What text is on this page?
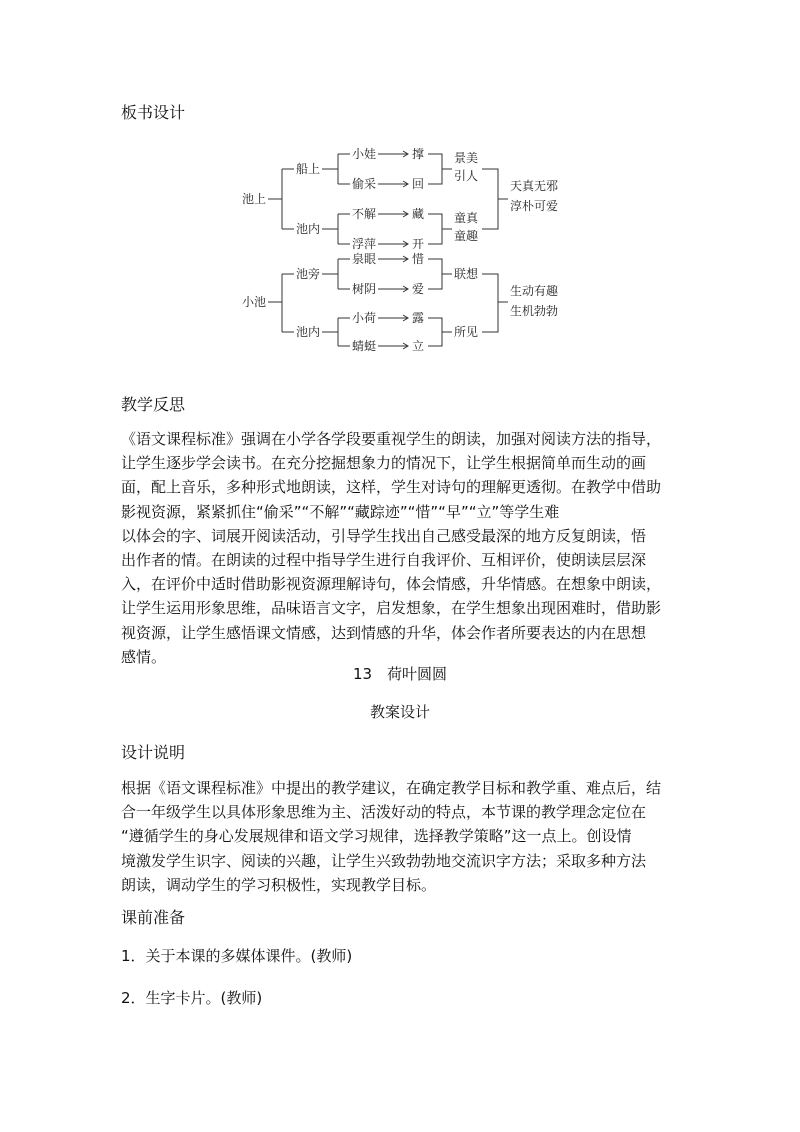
板书设计
池上
船上
池内
小池
池旁
池内
小娃	撑
偷采	回
不解	藏
浮萍	开
泉眼	惜
树阴	爱
小荷	露
蜻蜓	立
景美
引人
童真
童趣
联想
所见
天真无邪
淳朴可爱
生动有趣
生机勃勃
教学反思
《语文课程标准》强调在小学各学段要重视学生的朗读，加强对阅读方法的指导，
让学生逐步学会读书。在充分挖掘想象力的情况下，让学生根据简单而生动的画
面，配上音乐，多种形式地朗读，这样，学生对诗句的理解更透彻。在教学中借助
影视资源，紧紧抓住“偷采”“不解”“藏踪迹”“惜”“早”“立”等学生难
以体会的字、词展开阅读活动，引导学生找出自己感受最深的地方反复朗读，悟
出作者的情。在朗读的过程中指导学生进行自我评价、互相评价，使朗读层层深
入，在评价中适时借助影视资源理解诗句，体会情感，升华情感。在想象中朗读，
让学生运用形象思维，品味语言文字，启发想象，在学生想象出现困难时，借助影
视资源，让学生感悟课文情感，达到情感的升华，体会作者所要表达的内在思想
感情。

13　荷叶圆圆

教案设计

设计说明
根据《语文课程标准》中提出的教学建议，在确定教学目标和教学重、难点后，结
合一年级学生以具体形象思维为主、活泼好动的特点，本节课的教学理念定位在
“遵循学生的身心发展规律和语文学习规律，选择教学策略”这一点上。创设情
境激发学生识字、阅读的兴趣，让学生兴致勃勃地交流识字方法；采取多种方法
朗读，调动学生的学习积极性，实现教学目标。
课前准备

1．关于本课的多媒体课件。(教师)

2．生字卡片。(教师)
